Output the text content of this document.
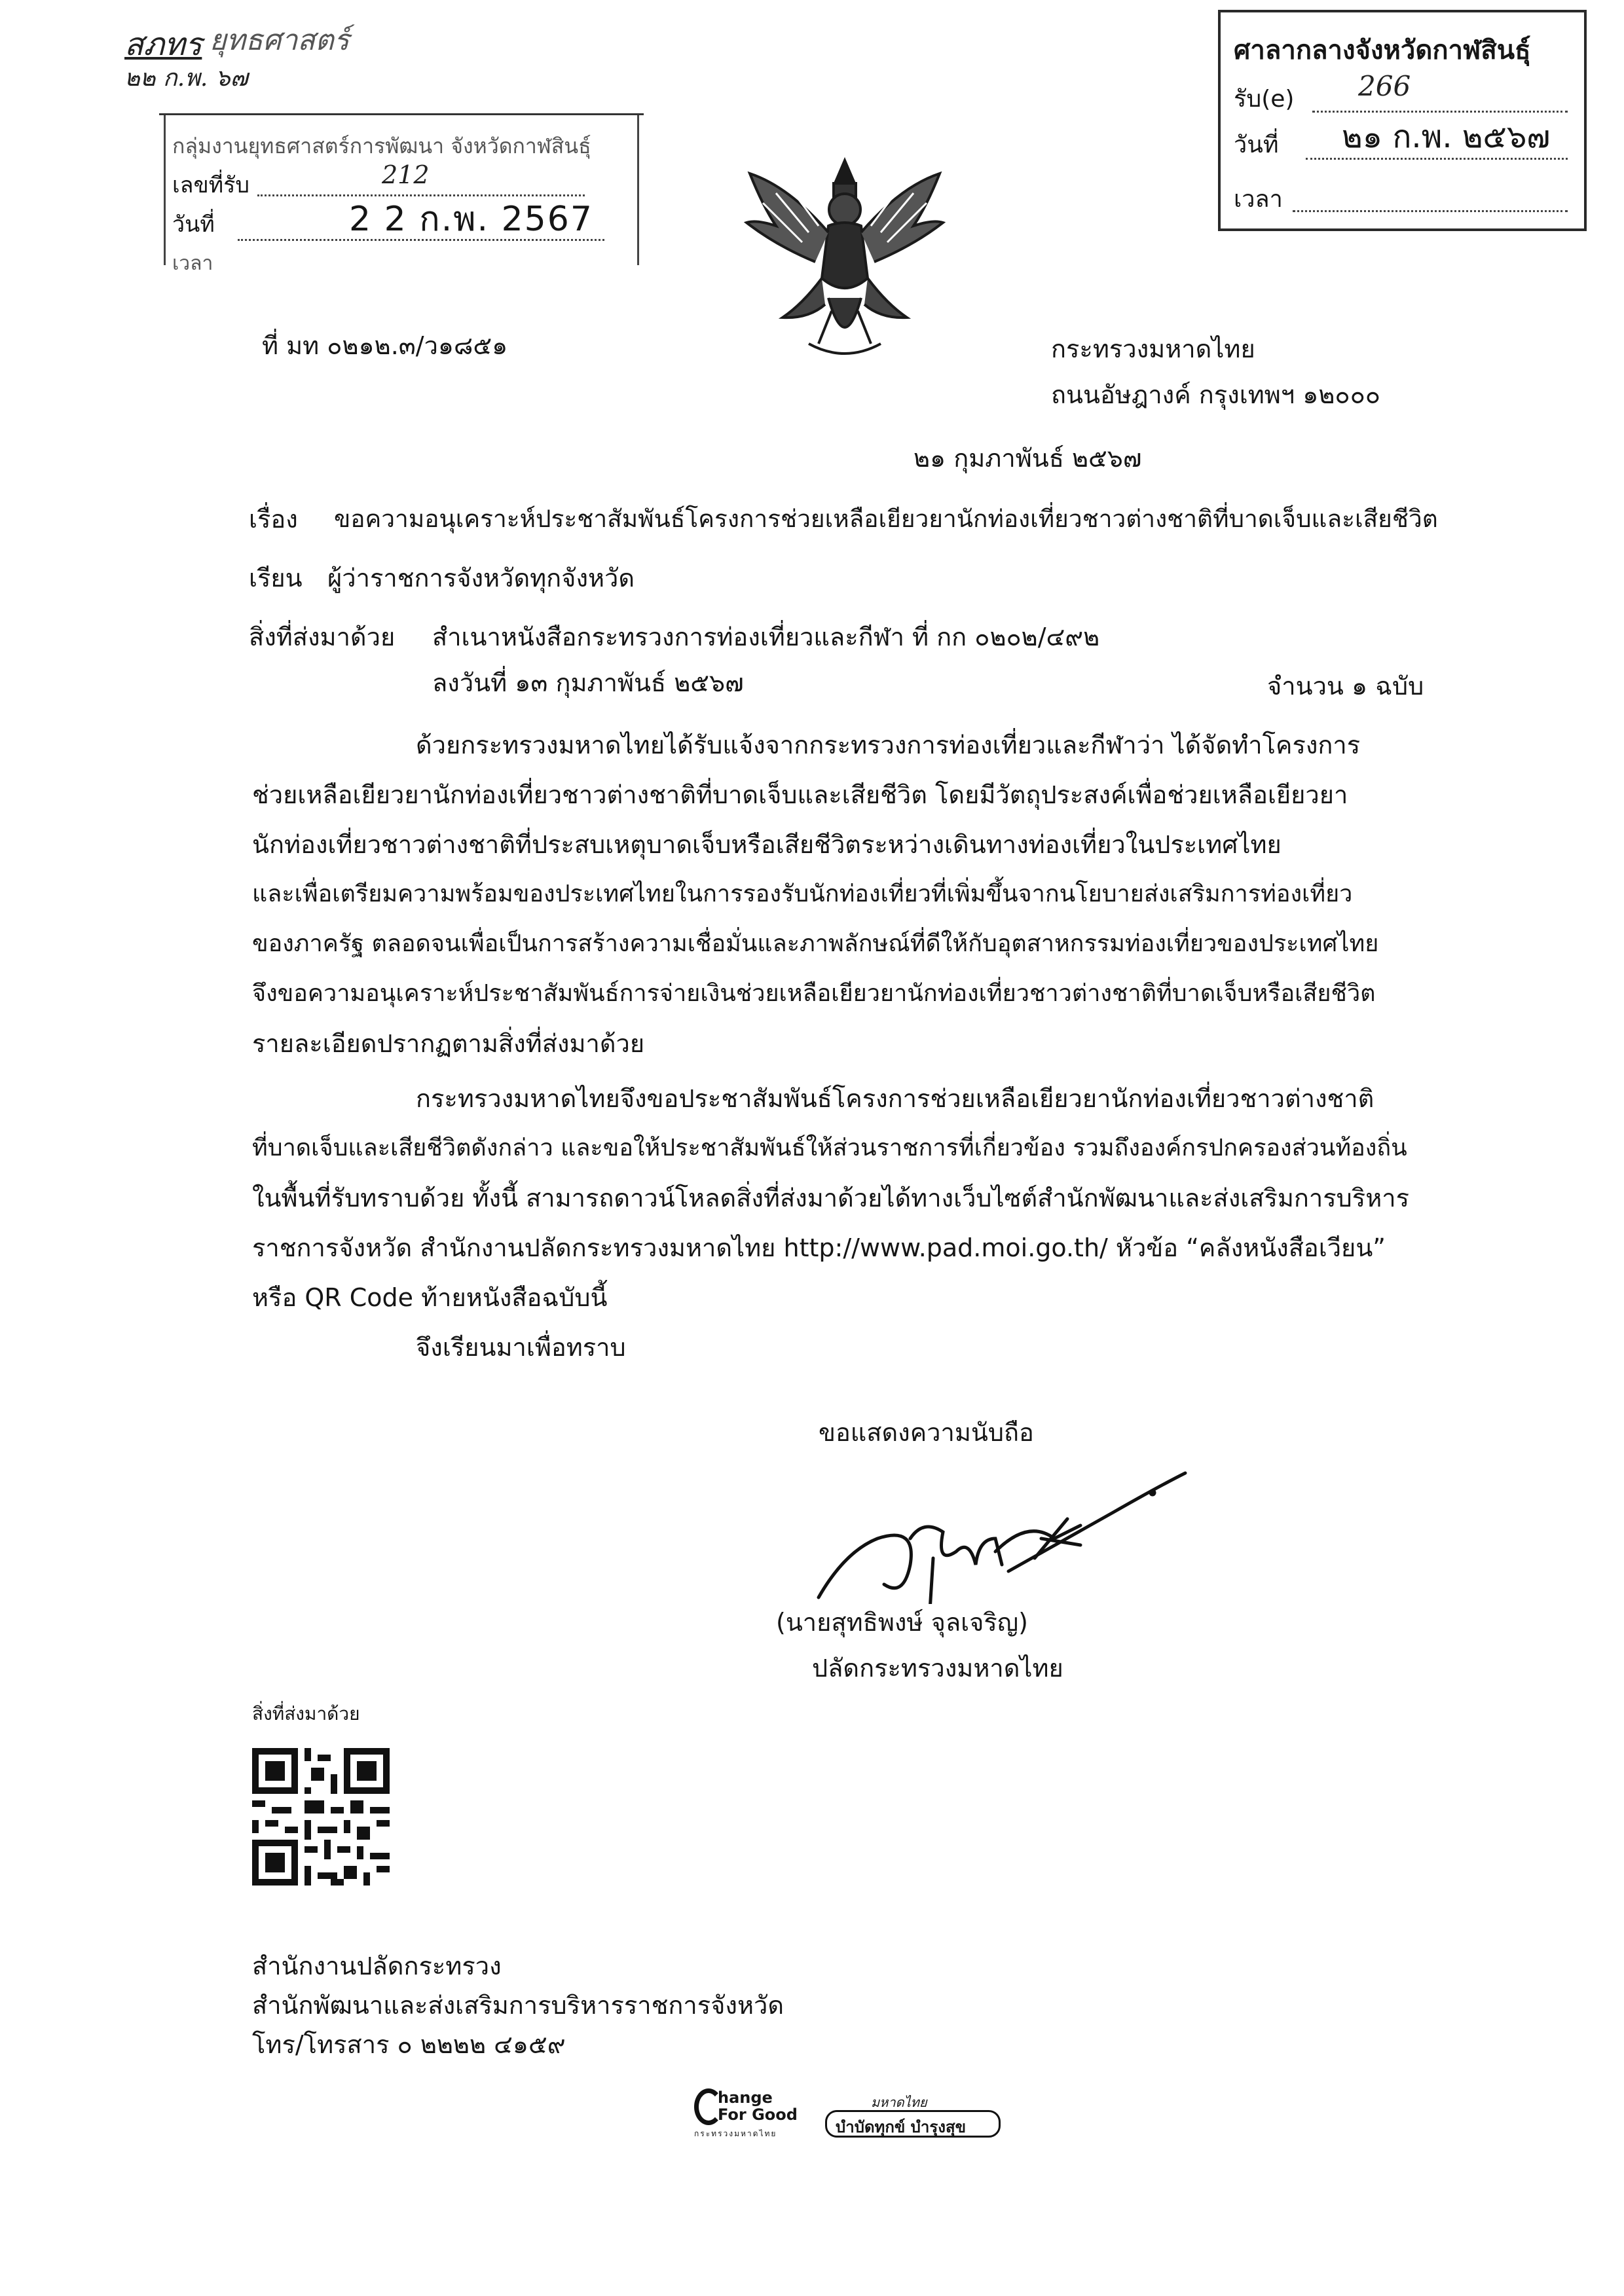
สภทร ยุทธศาสตร์
๒๒ ก.พ. ๖๗
กลุ่มงานยุทธศาสตร์การพัฒนา จังหวัดกาฬสินธุ์
เลขที่รับ	212
วันที่	2 2 ก.พ. 2567
เวลา
ศาลากลางจังหวัดกาฬสินธุ์
รับ(e) 266
วันที่ ๒๑ ก.พ. ๒๕๖๗
เวลา
ที่ มท ๐๒๑๒.๓/ว๑๘๕๑	กระทรวงมหาดไทย
ถนนอัษฎางค์ กรุงเทพฯ ๑๒๐๐๐
๒๑ กุมภาพันธ์ ๒๕๖๗
เรื่อง ขอความอนุเคราะห์ประชาสัมพันธ์โครงการช่วยเหลือเยียวยานักท่องเที่ยวชาวต่างชาติที่บาดเจ็บและเสียชีวิต
เรียน ผู้ว่าราชการจังหวัดทุกจังหวัด
สิ่งที่ส่งมาด้วย สำเนาหนังสือกระทรวงการท่องเที่ยวและกีฬา ที่ กก ๐๒๐๒/๔๙๒
ลงวันที่ ๑๓ กุมภาพันธ์ ๒๕๖๗	จำนวน ๑ ฉบับ
ด้วยกระทรวงมหาดไทยได้รับแจ้งจากกระทรวงการท่องเที่ยวและกีฬาว่า ได้จัดทำโครงการ
ช่วยเหลือเยียวยานักท่องเที่ยวชาวต่างชาติที่บาดเจ็บและเสียชีวิต โดยมีวัตถุประสงค์เพื่อช่วยเหลือเยียวยา
นักท่องเที่ยวชาวต่างชาติที่ประสบเหตุบาดเจ็บหรือเสียชีวิตระหว่างเดินทางท่องเที่ยวในประเทศไทย
และเพื่อเตรียมความพร้อมของประเทศไทยในการรองรับนักท่องเที่ยวที่เพิ่มขึ้นจากนโยบายส่งเสริมการท่องเที่ยว
ของภาครัฐ ตลอดจนเพื่อเป็นการสร้างความเชื่อมั่นและภาพลักษณ์ที่ดีให้กับอุตสาหกรรมท่องเที่ยวของประเทศไทย
จึงขอความอนุเคราะห์ประชาสัมพันธ์การจ่ายเงินช่วยเหลือเยียวยานักท่องเที่ยวชาวต่างชาติที่บาดเจ็บหรือเสียชีวิต
รายละเอียดปรากฏตามสิ่งที่ส่งมาด้วย
กระทรวงมหาดไทยจึงขอประชาสัมพันธ์โครงการช่วยเหลือเยียวยานักท่องเที่ยวชาวต่างชาติ
ที่บาดเจ็บและเสียชีวิตดังกล่าว และขอให้ประชาสัมพันธ์ให้ส่วนราชการที่เกี่ยวข้อง รวมถึงองค์กรปกครองส่วนท้องถิ่น
ในพื้นที่รับทราบด้วย ทั้งนี้ สามารถดาวน์โหลดสิ่งที่ส่งมาด้วยได้ทางเว็บไซต์สำนักพัฒนาและส่งเสริมการบริหาร
ราชการจังหวัด สำนักงานปลัดกระทรวงมหาดไทย http://www.pad.moi.go.th/ หัวข้อ “คลังหนังสือเวียน”
หรือ QR Code ท้ายหนังสือฉบับนี้
จึงเรียนมาเพื่อทราบ
ขอแสดงความนับถือ
(นายสุทธิพงษ์ จุลเจริญ)
ปลัดกระทรวงมหาดไทย
สิ่งที่ส่งมาด้วย
สำนักงานปลัดกระทรวง
สำนักพัฒนาและส่งเสริมการบริหารราชการจังหวัด
โทร/โทรสาร ๐ ๒๒๒๒ ๔๑๕๙
hange
For Good
กระทรวงมหาดไทย
มหาดไทย
บำบัดทุกข์ บำรุงสุข
